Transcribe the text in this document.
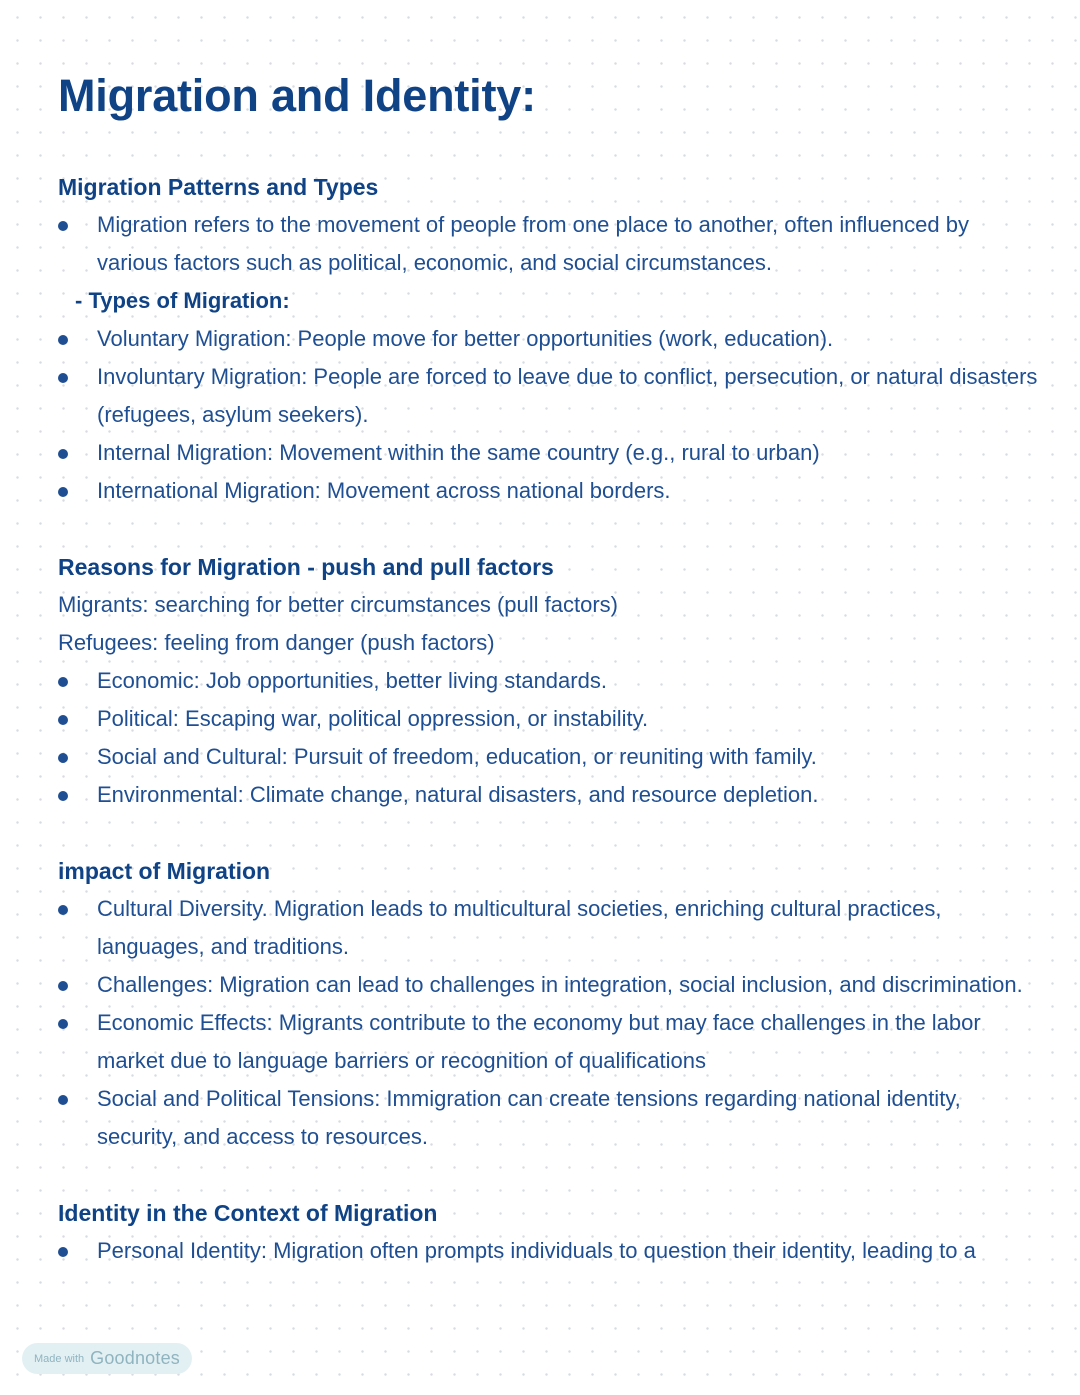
Migration and Identity:
Migration Patterns and Types
Migration refers to the movement of people from one place to another, often influenced by various factors such as political, economic, and social circumstances.
- Types of Migration:
Voluntary Migration: People move for better opportunities (work, education).
Involuntary Migration: People are forced to leave due to conflict, persecution, or natural disasters (refugees, asylum seekers).
Internal Migration: Movement within the same country (e.g., rural to urban)
International Migration: Movement across national borders.
Reasons for Migration - push and pull factors
Migrants: searching for better circumstances (pull factors)
Refugees: feeling from danger (push factors)
Economic: Job opportunities, better living standards.
Political: Escaping war, political oppression, or instability.
Social and Cultural: Pursuit of freedom, education, or reuniting with family.
Environmental: Climate change, natural disasters, and resource depletion.
impact of Migration
Cultural Diversity. Migration leads to multicultural societies, enriching cultural practices, languages, and traditions.
Challenges: Migration can lead to challenges in integration, social inclusion, and discrimination.
Economic Effects: Migrants contribute to the economy but may face challenges in the labor market due to language barriers or recognition of qualifications
Social and Political Tensions: Immigration can create tensions regarding national identity, security, and access to resources.
Identity in the Context of Migration
Personal Identity: Migration often prompts individuals to question their identity, leading to a
Made with Goodnotes
